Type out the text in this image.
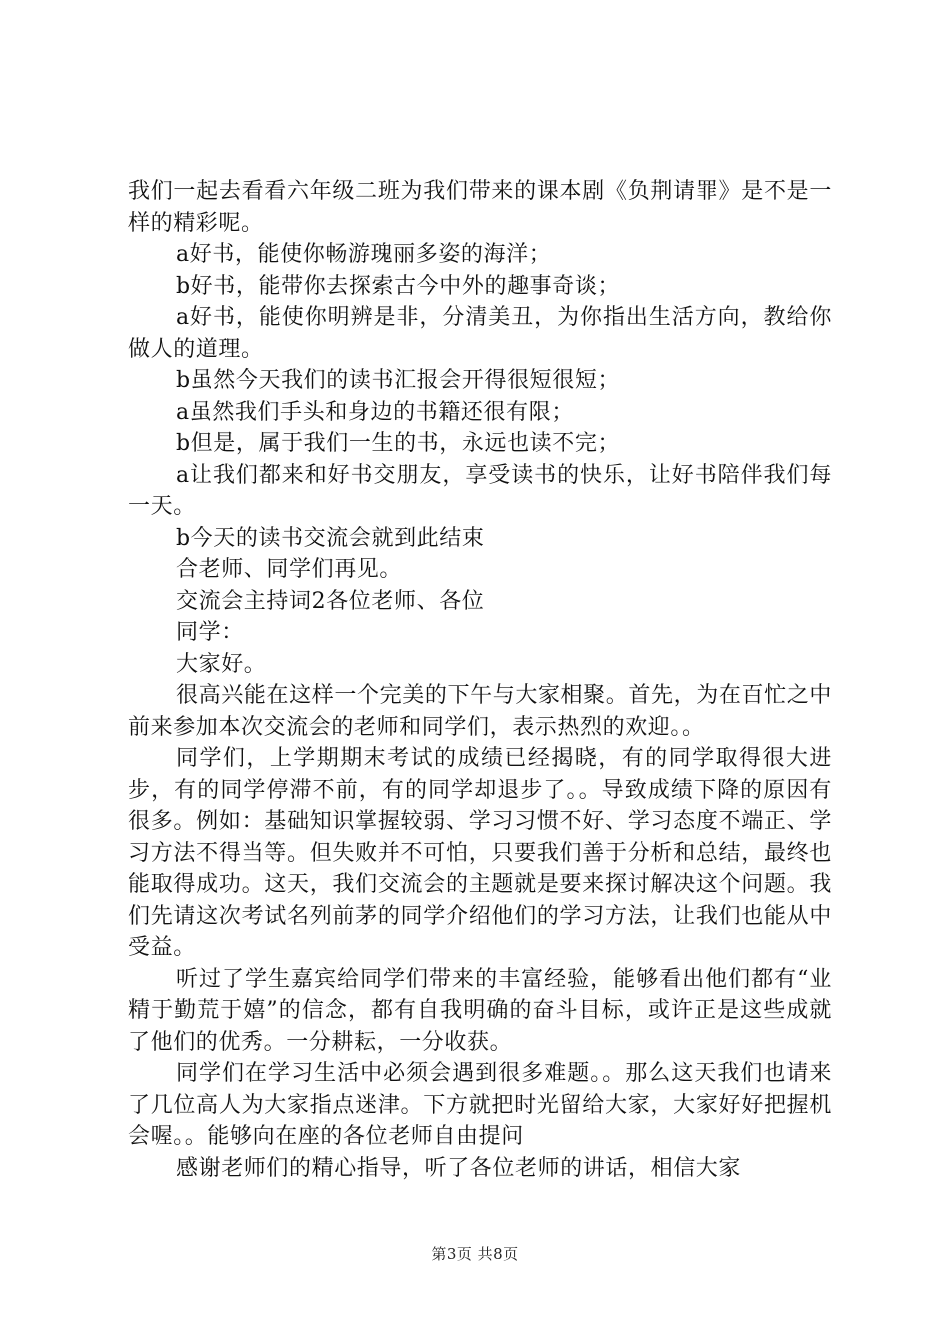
我们一起去看看六年级二班为我们带来的课本剧《负荆请罪》是不是一样的精彩呢。

a好书，能使你畅游瑰丽多姿的海洋；

b好书，能带你去探索古今中外的趣事奇谈；

a好书，能使你明辨是非，分清美丑，为你指出生活方向，教给你做人的道理。

b虽然今天我们的读书汇报会开得很短很短；

a虽然我们手头和身边的书籍还很有限；

b但是，属于我们一生的书，永远也读不完；

a让我们都来和好书交朋友，享受读书的快乐，让好书陪伴我们每一天。

b今天的读书交流会就到此结束

合老师、同学们再见。

交流会主持词2各位老师、各位

同学：

大家好。

很高兴能在这样一个完美的下午与大家相聚。首先，为在百忙之中前来参加本次交流会的老师和同学们，表示热烈的欢迎。。

同学们，上学期期末考试的成绩已经揭晓，有的同学取得很大进步，有的同学停滞不前，有的同学却退步了。。导致成绩下降的原因有很多。例如：基础知识掌握较弱、学习习惯不好、学习态度不端正、学习方法不得当等。但失败并不可怕，只要我们善于分析和总结，最终也能取得成功。这天，我们交流会的主题就是要来探讨解决这个问题。我们先请这次考试名列前茅的同学介绍他们的学习方法，让我们也能从中受益。

听过了学生嘉宾给同学们带来的丰富经验，能够看出他们都有“业精于勤荒于嬉”的信念，都有自我明确的奋斗目标，或许正是这些成就了他们的优秀。一分耕耘，一分收获。

同学们在学习生活中必须会遇到很多难题。。那么这天我们也请来了几位高人为大家指点迷津。下方就把时光留给大家，大家好好把握机会喔。。能够向在座的各位老师自由提问

感谢老师们的精心指导，听了各位老师的讲话，相信大家

第3页 共8页
